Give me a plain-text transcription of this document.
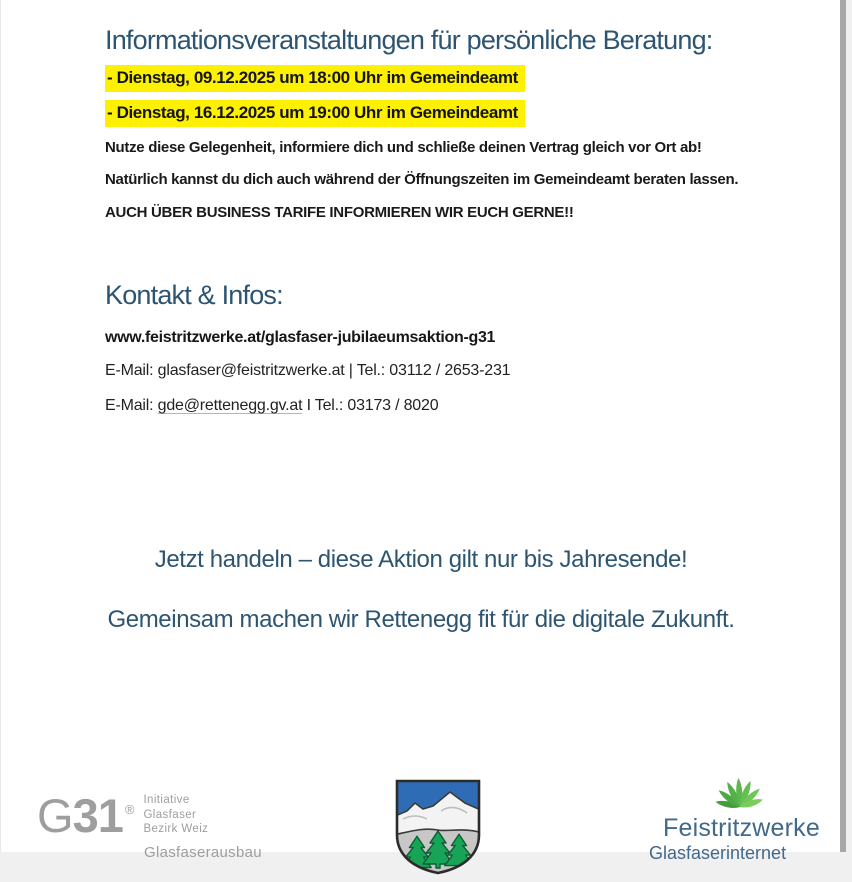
Informationsveranstaltungen für persönliche Beratung:
- Dienstag, 09.12.2025 um 18:00 Uhr im Gemeindeamt
- Dienstag, 16.12.2025 um 19:00 Uhr im Gemeindeamt

Nutze diese Gelegenheit, informiere dich und schließe deinen Vertrag gleich vor Ort ab!

Natürlich kannst du dich auch während der Öffnungszeiten im Gemeindeamt beraten lassen.

AUCH ÜBER BUSINESS TARIFE INFORMIEREN WIR EUCH GERNE!!

Kontakt & Infos:

www.feistritzwerke.at/glasfaser-jubilaeumsaktion-g31

E-Mail: glasfaser@feistritzwerke.at | Tel.: 03112 / 2653-231

E-Mail: gde@rettenegg.gv.at I Tel.: 03173 / 8020

Jetzt handeln – diese Aktion gilt nur bis Jahresende!

Gemeinsam machen wir Rettenegg fit für die digitale Zukunft.

G31 ®
Initiative
Glasfaser
Bezirk Weiz
Glasfaserausbau
Feistritzwerke
Glasfaserinternet
